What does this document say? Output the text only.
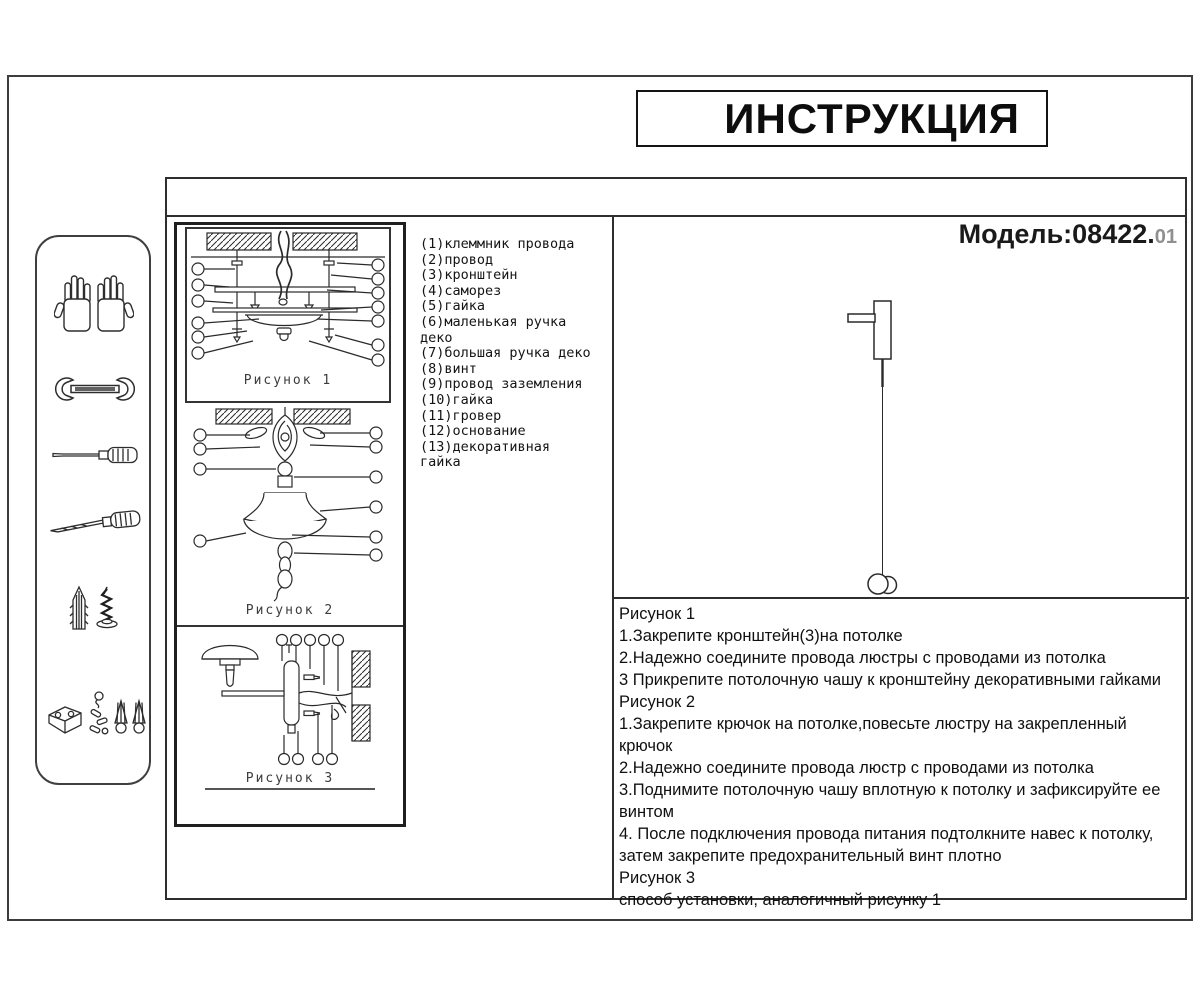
ИНСТРУКЦИЯ
Рисунок 1
Рисунок 2
Рисунок 3
(1)клеммник провода
(2)провод
(3)кронштейн
(4)саморез
(5)гайка
(6)маленькая ручка деко
(7)большая ручка деко
(8)винт
(9)провод заземления
(10)гайка
(11)гровер
(12)основание
(13)декоративная гайка
Модель:08422.01
Рисунок 1
1.Закрепите кронштейн(3)на потолке
2.Надежно соедините провода люстры с проводами из потолка
3 Прикрепите потолочную чашу к кронштейну декоративными гайками
Рисунок 2
1.Закрепите крючок на потолке,повесьте люстру на закрепленный крючок
2.Надежно соедините провода люстр с проводами из потолка
3.Поднимите потолочную чашу вплотную к потолку и зафиксируйте ее винтом
4. После подключения провода питания подтолкните навес к потолку, затем закрепите предохранительный винт плотно
Рисунок 3
способ установки, аналогичный рисунку 1
